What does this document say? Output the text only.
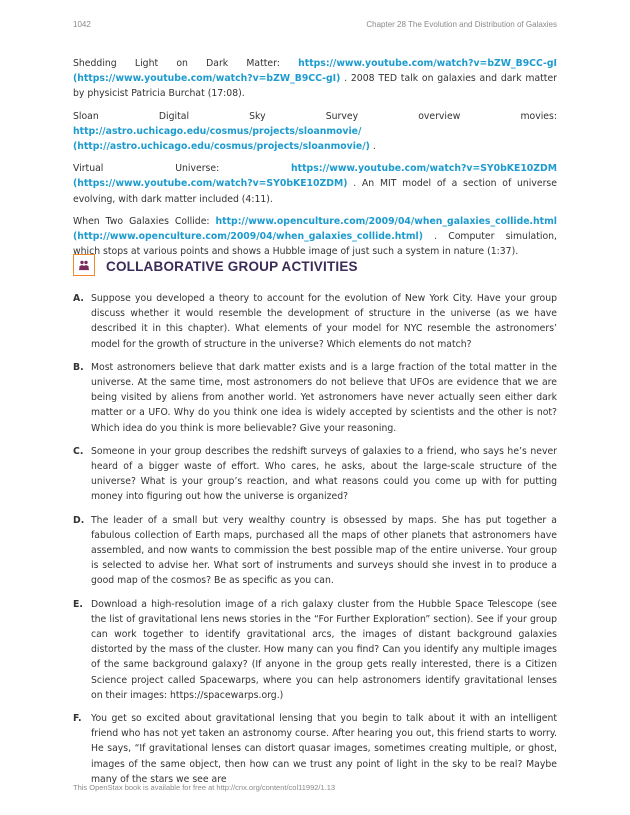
1042	Chapter 28 The Evolution and Distribution of Galaxies

Shedding Light on Dark Matter: https://www.youtube.com/watch?v=bZW_B9CC-gI (https://www.youtube.com/watch?v=bZW_B9CC-gI) . 2008 TED talk on galaxies and dark matter by physicist Patricia Burchat (17:08).

Sloan Digital Sky Survey overview movies: http://astro.uchicago.edu/cosmus/projects/sloanmovie/ (http://astro.uchicago.edu/cosmus/projects/sloanmovie/) .

Virtual Universe: https://www.youtube.com/watch?v=SY0bKE10ZDM (https://www.youtube.com/watch?v=SY0bKE10ZDM) . An MIT model of a section of universe evolving, with dark matter included (4:11).

When Two Galaxies Collide: http://www.openculture.com/2009/04/when_galaxies_collide.html (http://www.openculture.com/2009/04/when_galaxies_collide.html) . Computer simulation, which stops at various points and shows a Hubble image of just such a system in nature (1:37).

COLLABORATIVE GROUP ACTIVITIES
A. Suppose you developed a theory to account for the evolution of New York City. Have your group discuss whether it would resemble the development of structure in the universe (as we have described it in this chapter). What elements of your model for NYC resemble the astronomers’ model for the growth of structure in the universe? Which elements do not match?

B. Most astronomers believe that dark matter exists and is a large fraction of the total matter in the universe. At the same time, most astronomers do not believe that UFOs are evidence that we are being visited by aliens from another world. Yet astronomers have never actually seen either dark matter or a UFO. Why do you think one idea is widely accepted by scientists and the other is not? Which idea do you think is more believable? Give your reasoning.

C. Someone in your group describes the redshift surveys of galaxies to a friend, who says he’s never heard of a bigger waste of effort. Who cares, he asks, about the large-scale structure of the universe? What is your group’s reaction, and what reasons could you come up with for putting money into figuring out how the universe is organized?

D. The leader of a small but very wealthy country is obsessed by maps. She has put together a fabulous collection of Earth maps, purchased all the maps of other planets that astronomers have assembled, and now wants to commission the best possible map of the entire universe. Your group is selected to advise her. What sort of instruments and surveys should she invest in to produce a good map of the cosmos? Be as specific as you can.

E. Download a high-resolution image of a rich galaxy cluster from the Hubble Space Telescope (see the list of gravitational lens news stories in the “For Further Exploration” section). See if your group can work together to identify gravitational arcs, the images of distant background galaxies distorted by the mass of the cluster. How many can you find? Can you identify any multiple images of the same background galaxy? (If anyone in the group gets really interested, there is a Citizen Science project called Spacewarps, where you can help astronomers identify gravitational lenses on their images: https://spacewarps.org.)

F. You get so excited about gravitational lensing that you begin to talk about it with an intelligent friend who has not yet taken an astronomy course. After hearing you out, this friend starts to worry. He says, “If gravitational lenses can distort quasar images, sometimes creating multiple, or ghost, images of the same object, then how can we trust any point of light in the sky to be real? Maybe many of the stars we see are

This OpenStax book is available for free at http://cnx.org/content/col11992/1.13
